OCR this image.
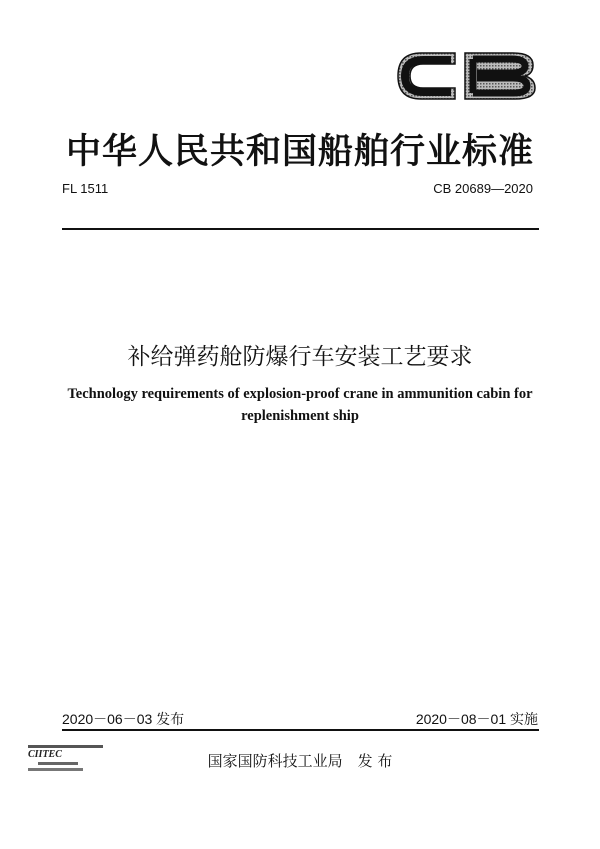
中华人民共和国船舶行业标准
FL 1511	CB 20689—2020
补给弹药舱防爆行车安装工艺要求
Technology requirements of explosion-proof crane in ammunition cabin for
replenishment ship
2020－06－03 发布	2020－08－01 实施
CIITEC	国家国防科技工业局　发 布
